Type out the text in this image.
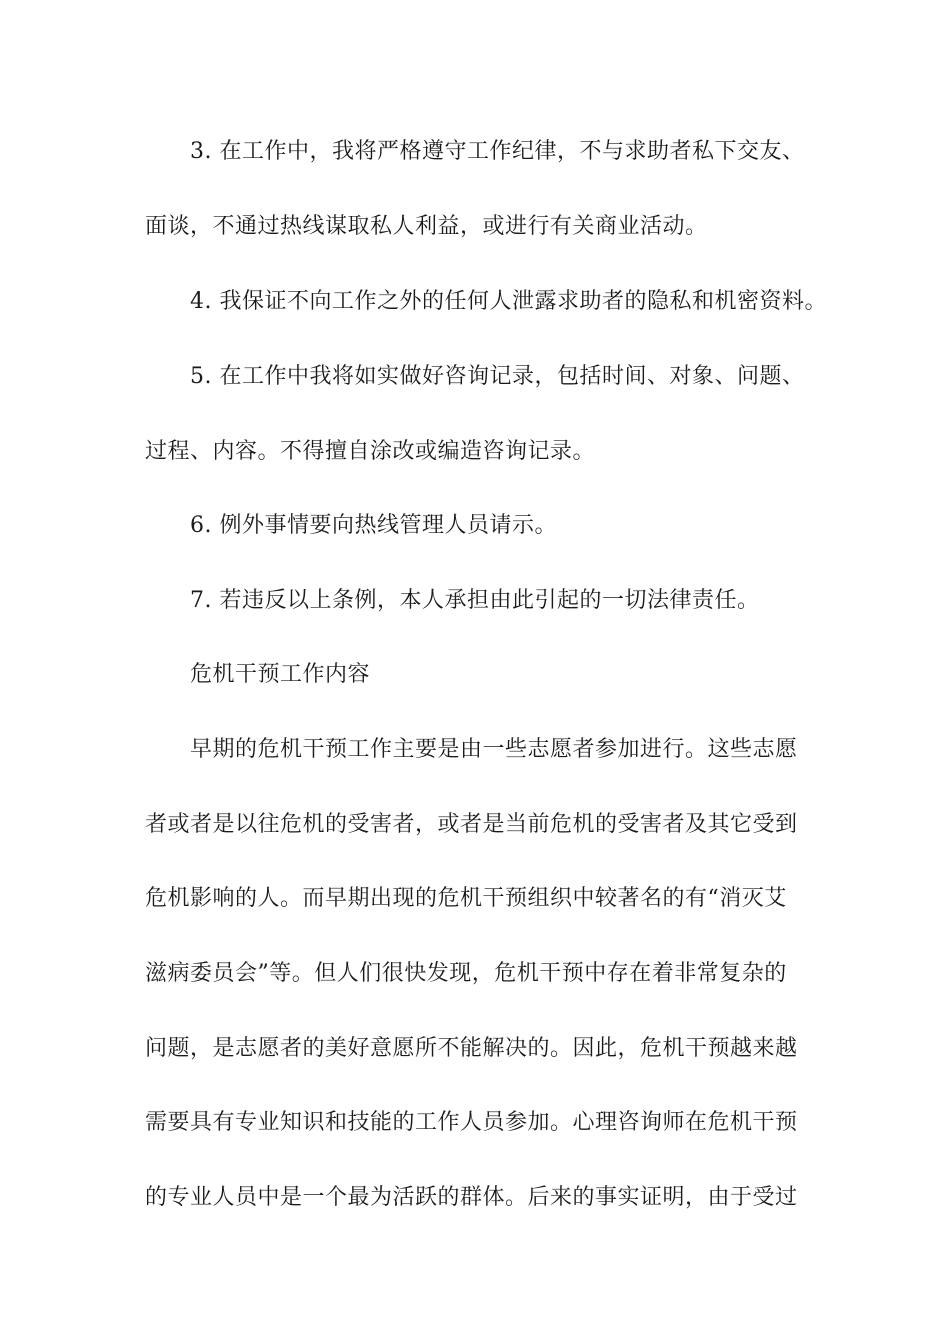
3. 在工作中，我将严格遵守工作纪律，不与求助者私下交友、
面谈，不通过热线谋取私人利益，或进行有关商业活动。
4. 我保证不向工作之外的任何人泄露求助者的隐私和机密资料。
5. 在工作中我将如实做好咨询记录，包括时间、对象、问题、
过程、内容。不得擅自涂改或编造咨询记录。
6. 例外事情要向热线管理人员请示。
7. 若违反以上条例，本人承担由此引起的一切法律责任。
危机干预工作内容
早期的危机干预工作主要是由一些志愿者参加进行。这些志愿
者或者是以往危机的受害者，或者是当前危机的受害者及其它受到
危机影响的人。而早期出现的危机干预组织中较著名的有“消灭艾
滋病委员会”等。但人们很快发现，危机干预中存在着非常复杂的
问题，是志愿者的美好意愿所不能解决的。因此，危机干预越来越
需要具有专业知识和技能的工作人员参加。心理咨询师在危机干预
的专业人员中是一个最为活跃的群体。后来的事实证明，由于受过
